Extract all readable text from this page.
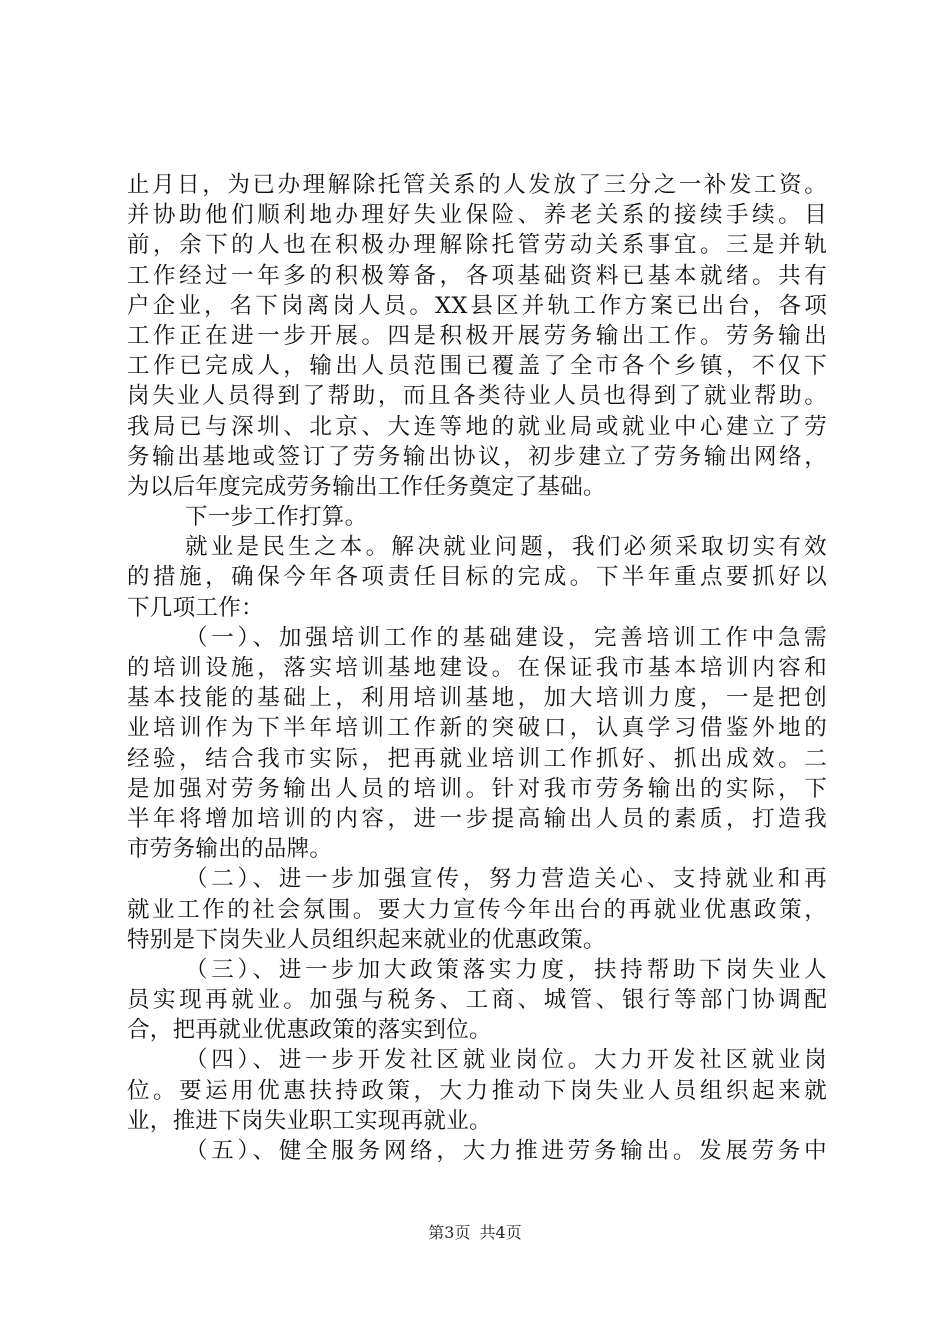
止月日，为已办理解除托管关系的人发放了三分之一补发工资。
并协助他们顺利地办理好失业保险、养老关系的接续手续。目
前，余下的人也在积极办理解除托管劳动关系事宜。三是并轨
工作经过一年多的积极筹备，各项基础资料已基本就绪。共有
户企业，名下岗离岗人员。XX县区并轨工作方案已出台，各项
工作正在进一步开展。四是积极开展劳务输出工作。劳务输出
工作已完成人，输出人员范围已覆盖了全市各个乡镇，不仅下
岗失业人员得到了帮助，而且各类待业人员也得到了就业帮助。
我局已与深圳、北京、大连等地的就业局或就业中心建立了劳
务输出基地或签订了劳务输出协议，初步建立了劳务输出网络，
为以后年度完成劳务输出工作任务奠定了基础。
下一步工作打算。
就业是民生之本。解决就业问题，我们必须采取切实有效
的措施，确保今年各项责任目标的完成。下半年重点要抓好以
下几项工作：
（一）、加强培训工作的基础建设，完善培训工作中急需
的培训设施，落实培训基地建设。在保证我市基本培训内容和
基本技能的基础上，利用培训基地，加大培训力度，一是把创
业培训作为下半年培训工作新的突破口，认真学习借鉴外地的
经验，结合我市实际，把再就业培训工作抓好、抓出成效。二
是加强对劳务输出人员的培训。针对我市劳务输出的实际，下
半年将增加培训的内容，进一步提高输出人员的素质，打造我
市劳务输出的品牌。
（二）、进一步加强宣传，努力营造关心、支持就业和再
就业工作的社会氛围。要大力宣传今年出台的再就业优惠政策，
特别是下岗失业人员组织起来就业的优惠政策。
（三）、进一步加大政策落实力度，扶持帮助下岗失业人
员实现再就业。加强与税务、工商、城管、银行等部门协调配
合，把再就业优惠政策的落实到位。
（四）、进一步开发社区就业岗位。大力开发社区就业岗
位。要运用优惠扶持政策，大力推动下岗失业人员组织起来就
业，推进下岗失业职工实现再就业。
（五）、健全服务网络，大力推进劳务输出。发展劳务中
第3页 共4页
